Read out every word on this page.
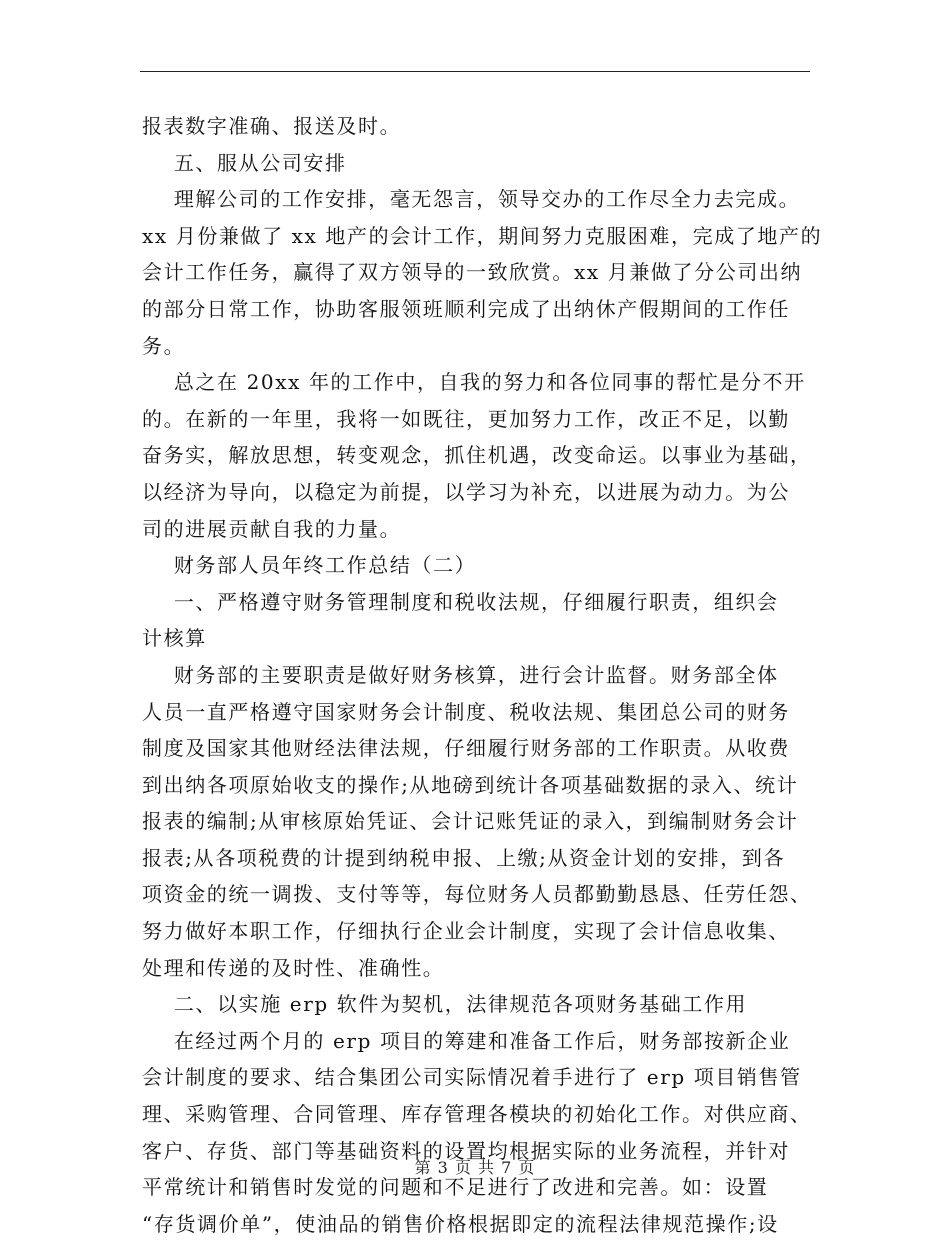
报表数字准确、报送及时。
五、服从公司安排
理解公司的工作安排，毫无怨言，领导交办的工作尽全力去完成。
xx 月份兼做了 xx 地产的会计工作，期间努力克服困难，完成了地产的
会计工作任务，赢得了双方领导的一致欣赏。xx 月兼做了分公司出纳
的部分日常工作，协助客服领班顺利完成了出纳休产假期间的工作任
务。
总之在 20xx 年的工作中，自我的努力和各位同事的帮忙是分不开
的。在新的一年里，我将一如既往，更加努力工作，改正不足，以勤
奋务实，解放思想，转变观念，抓住机遇，改变命运。以事业为基础，
以经济为导向，以稳定为前提，以学习为补充，以进展为动力。为公
司的进展贡献自我的力量。
财务部人员年终工作总结（二）
一、严格遵守财务管理制度和税收法规，仔细履行职责，组织会
计核算
财务部的主要职责是做好财务核算，进行会计监督。财务部全体
人员一直严格遵守国家财务会计制度、税收法规、集团总公司的财务
制度及国家其他财经法律法规，仔细履行财务部的工作职责。从收费
到出纳各项原始收支的操作;从地磅到统计各项基础数据的录入、统计
报表的编制;从审核原始凭证、会计记账凭证的录入，到编制财务会计
报表;从各项税费的计提到纳税申报、上缴;从资金计划的安排，到各
项资金的统一调拨、支付等等，每位财务人员都勤勤恳恳、任劳任怨、
努力做好本职工作，仔细执行企业会计制度，实现了会计信息收集、
处理和传递的及时性、准确性。
二、以实施 erp 软件为契机，法律规范各项财务基础工作用
在经过两个月的 erp 项目的筹建和准备工作后，财务部按新企业
会计制度的要求、结合集团公司实际情况着手进行了 erp 项目销售管
理、采购管理、合同管理、库存管理各模块的初始化工作。对供应商、
客户、存货、部门等基础资料的设置均根据实际的业务流程，并针对
平常统计和销售时发觉的问题和不足进行了改进和完善。如：设置
“存货调价单”，使油品的销售价格根据即定的流程法律规范操作;设
第 3 页 共 7 页
